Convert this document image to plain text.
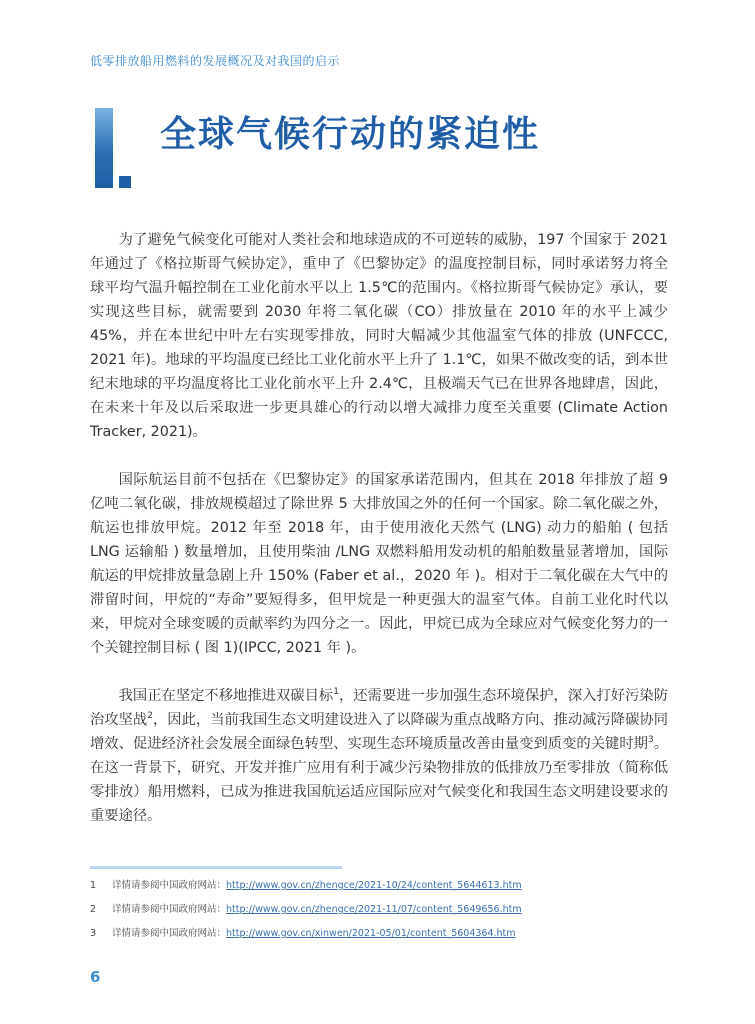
低零排放船用燃料的发展概况及对我国的启示
全球气候行动的紧迫性

为了避免气候变化可能对人类社会和地球造成的不可逆转的威胁，197 个国家于 2021 年通过了《格拉斯哥气候协定》，重申了《巴黎协定》的温度控制目标，同时承诺努力将全球平均气温升幅控制在工业化前水平以上 1.5℃的范围内。《格拉斯哥气候协定》承认，要实现这些目标，就需要到 2030 年将二氧化碳（CO）排放量在 2010 年的水平上减少 45%，并在本世纪中叶左右实现零排放，同时大幅减少其他温室气体的排放 (UNFCCC, 2021 年)。地球的平均温度已经比工业化前水平上升了 1.1℃，如果不做改变的话，到本世纪末地球的平均温度将比工业化前水平上升 2.4℃，且极端天气已在世界各地肆虐，因此，在未来十年及以后采取进一步更具雄心的行动以增大减排力度至关重要 (Climate Action Tracker, 2021)。

国际航运目前不包括在《巴黎协定》的国家承诺范围内，但其在 2018 年排放了超 9 亿吨二氧化碳，排放规模超过了除世界 5 大排放国之外的任何一个国家。除二氧化碳之外，航运也排放甲烷。2012 年至 2018 年，由于使用液化天然气 (LNG) 动力的船舶 ( 包括 LNG 运输船 ) 数量增加，且使用柴油 /LNG 双燃料船用发动机的船舶数量显著增加，国际航运的甲烷排放量急剧上升 150% (Faber et al.，2020 年 )。相对于二氧化碳在大气中的滞留时间，甲烷的“寿命”要短得多，但甲烷是一种更强大的温室气体。自前工业化时代以来，甲烷对全球变暖的贡献率约为四分之一。因此，甲烷已成为全球应对气候变化努力的一个关键控制目标 ( 图 1)(IPCC, 2021 年 )。

我国正在坚定不移地推进双碳目标$^1$，还需要进一步加强生态环境保护，深入打好污染防治攻坚战$^2$，因此，当前我国生态文明建设进入了以降碳为重点战略方向、推动减污降碳协同增效、促进经济社会发展全面绿色转型、实现生态环境质量改善由量变到质变的关键时期$^3$。在这一背景下，研究、开发并推广应用有利于减少污染物排放的低排放乃至零排放（简称低零排放）船用燃料，已成为推进我国航运适应国际应对气候变化和我国生态文明建设要求的重要途径。

1 详情请参阅中国政府网站：http://www.gov.cn/zhengce/2021-10/24/content_5644613.htm
2 详情请参阅中国政府网站：http://www.gov.cn/zhengce/2021-11/07/content_5649656.htm
3 详情请参阅中国政府网站：http://www.gov.cn/xinwen/2021-05/01/content_5604364.htm
6
